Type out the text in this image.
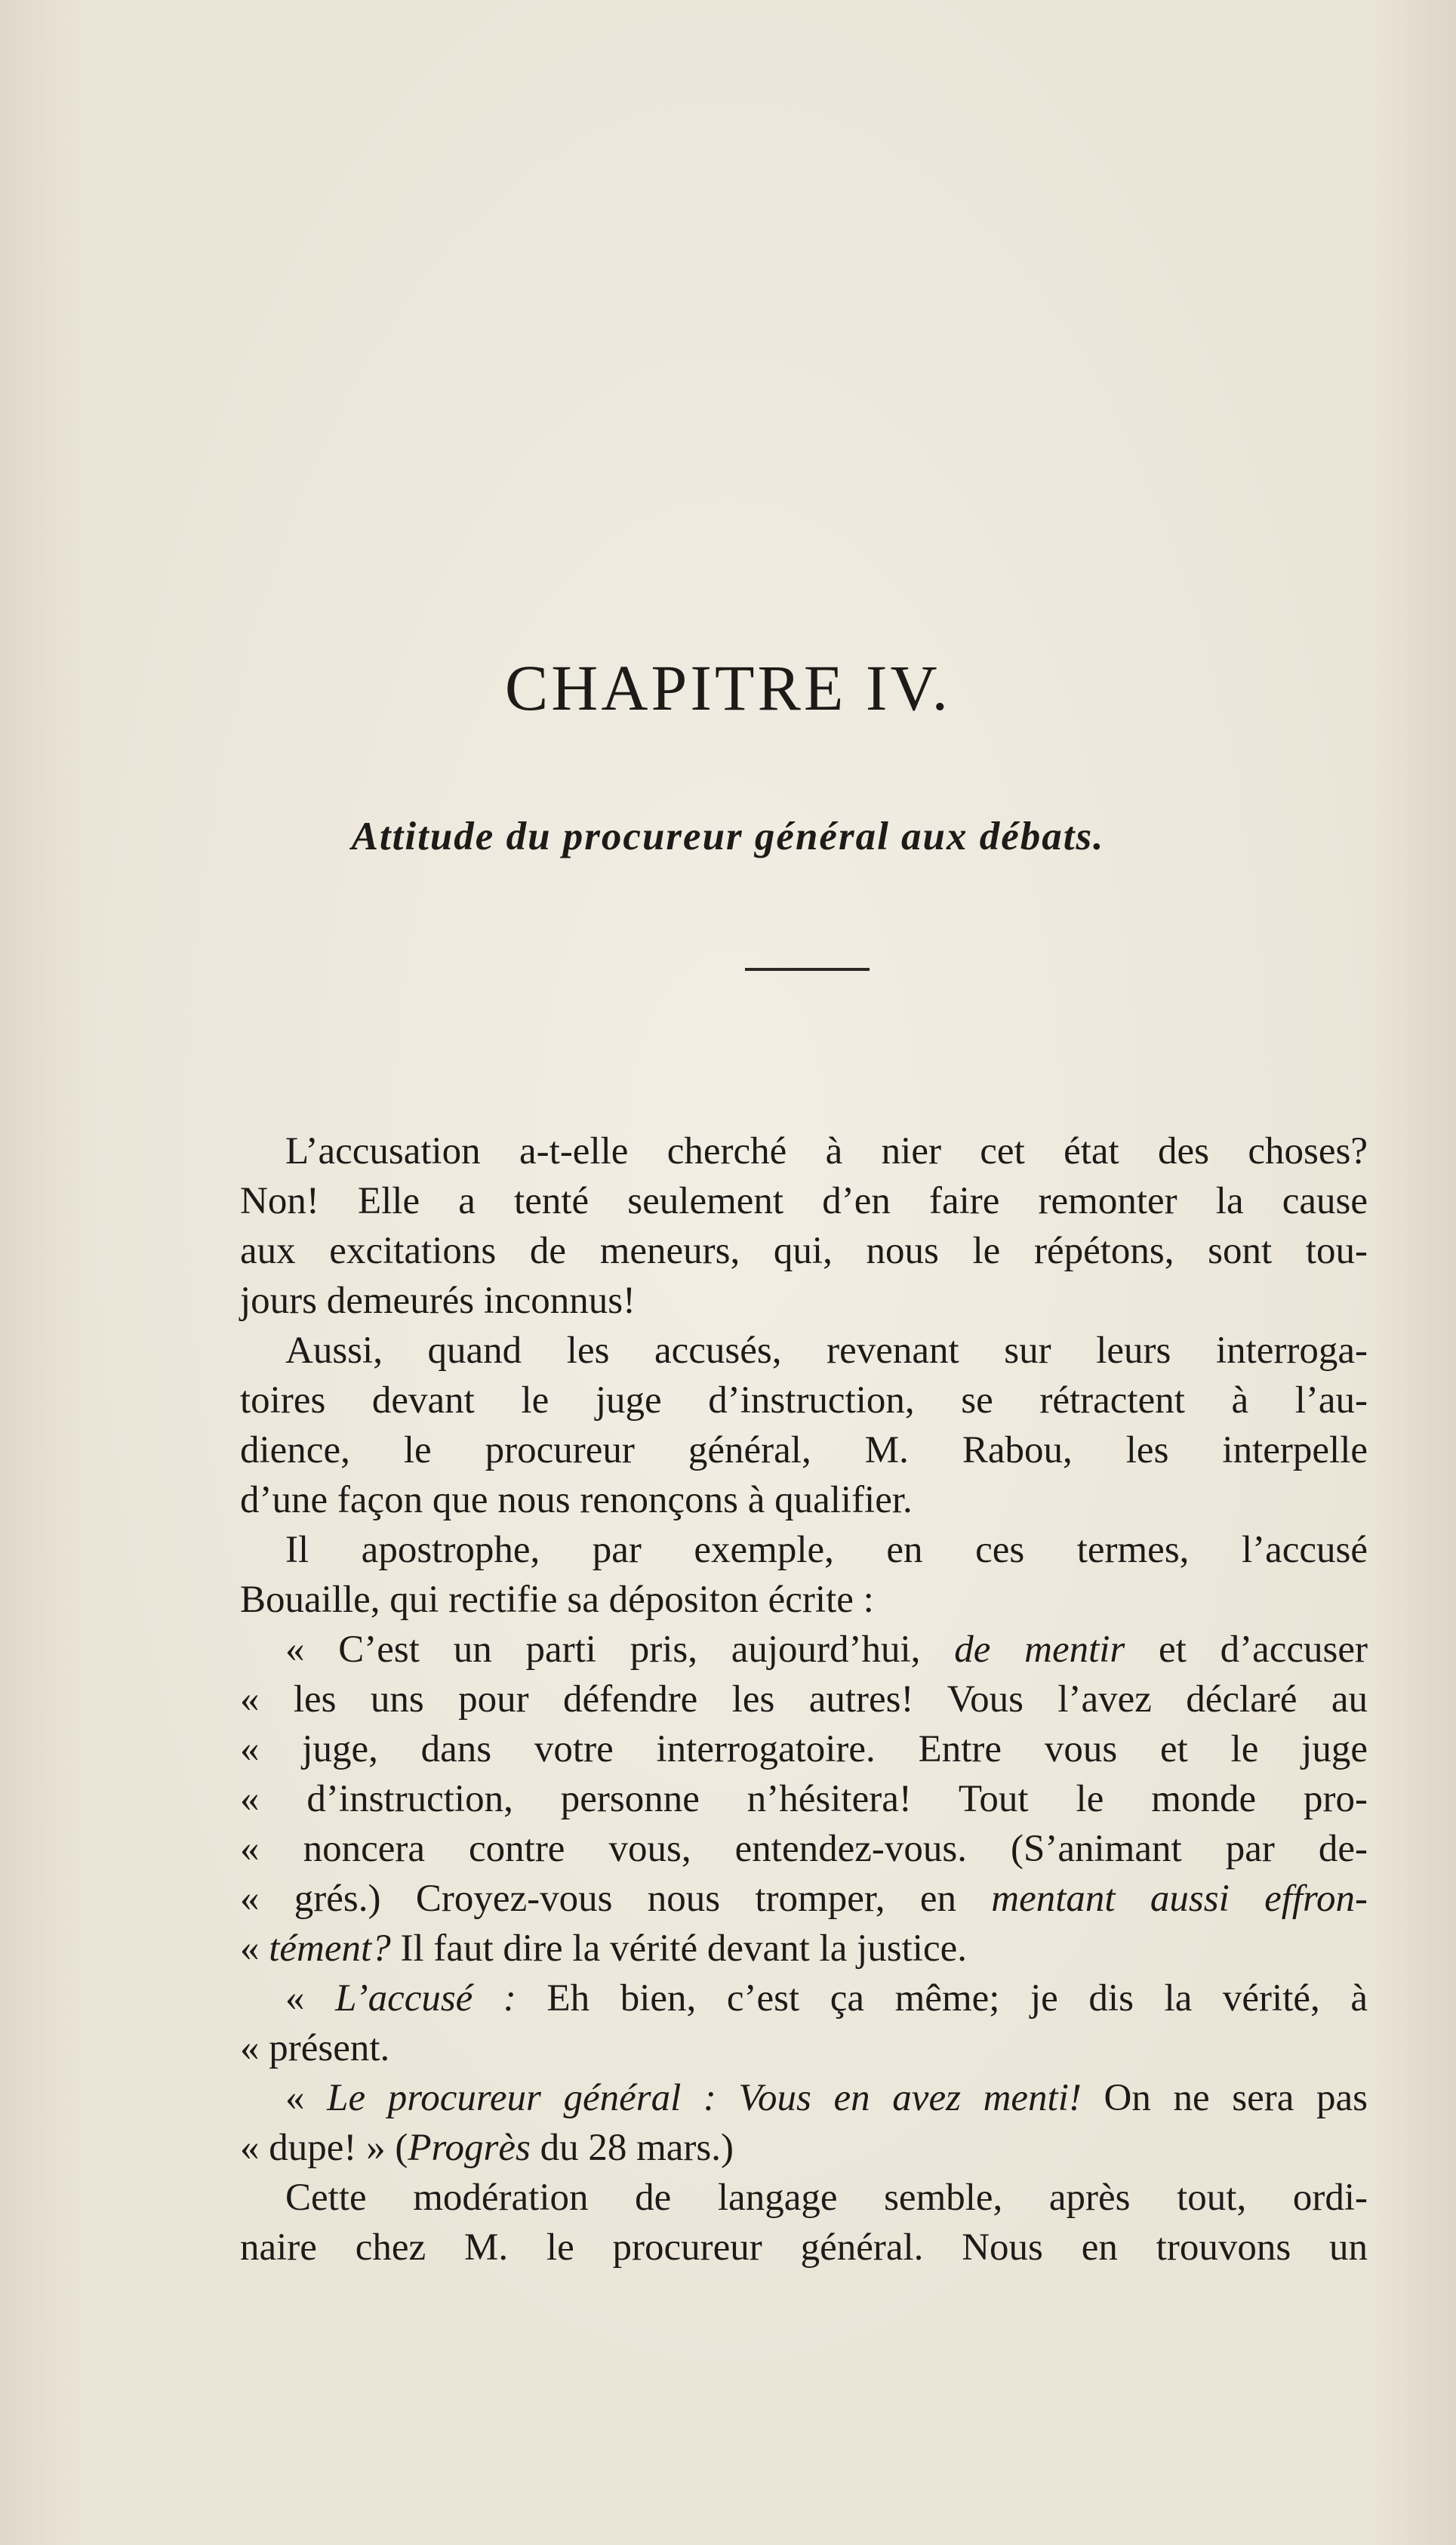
CHAPITRE IV.
Attitude du procureur général aux débats.
L’accusation a-t-elle cherché à nier cet état des choses?
Non! Elle a tenté seulement d’en faire remonter la cause
aux excitations de meneurs, qui, nous le répétons, sont tou-
jours demeurés inconnus!
Aussi, quand les accusés, revenant sur leurs interroga-
toires devant le juge d’instruction, se rétractent à l’au-
dience, le procureur général, M. Rabou, les interpelle
d’une façon que nous renonçons à qualifier.
Il apostrophe, par exemple, en ces termes, l’accusé
Bouaille, qui rectifie sa dépositon écrite :
« C’est un parti pris, aujourd’hui, de mentir et d’accuser
« les uns pour défendre les autres! Vous l’avez déclaré au
« juge, dans votre interrogatoire. Entre vous et le juge
« d’instruction, personne n’hésitera! Tout le monde pro-
« noncera contre vous, entendez-vous. (S’animant par de-
« grés.) Croyez-vous nous tromper, en mentant aussi effron-
« tément? Il faut dire la vérité devant la justice.
« L’accusé : Eh bien, c’est ça même; je dis la vérité, à
« présent.
« Le procureur général : Vous en avez menti! On ne sera pas
« dupe! » (Progrès du 28 mars.)
Cette modération de langage semble, après tout, ordi-
naire chez M. le procureur général. Nous en trouvons un
